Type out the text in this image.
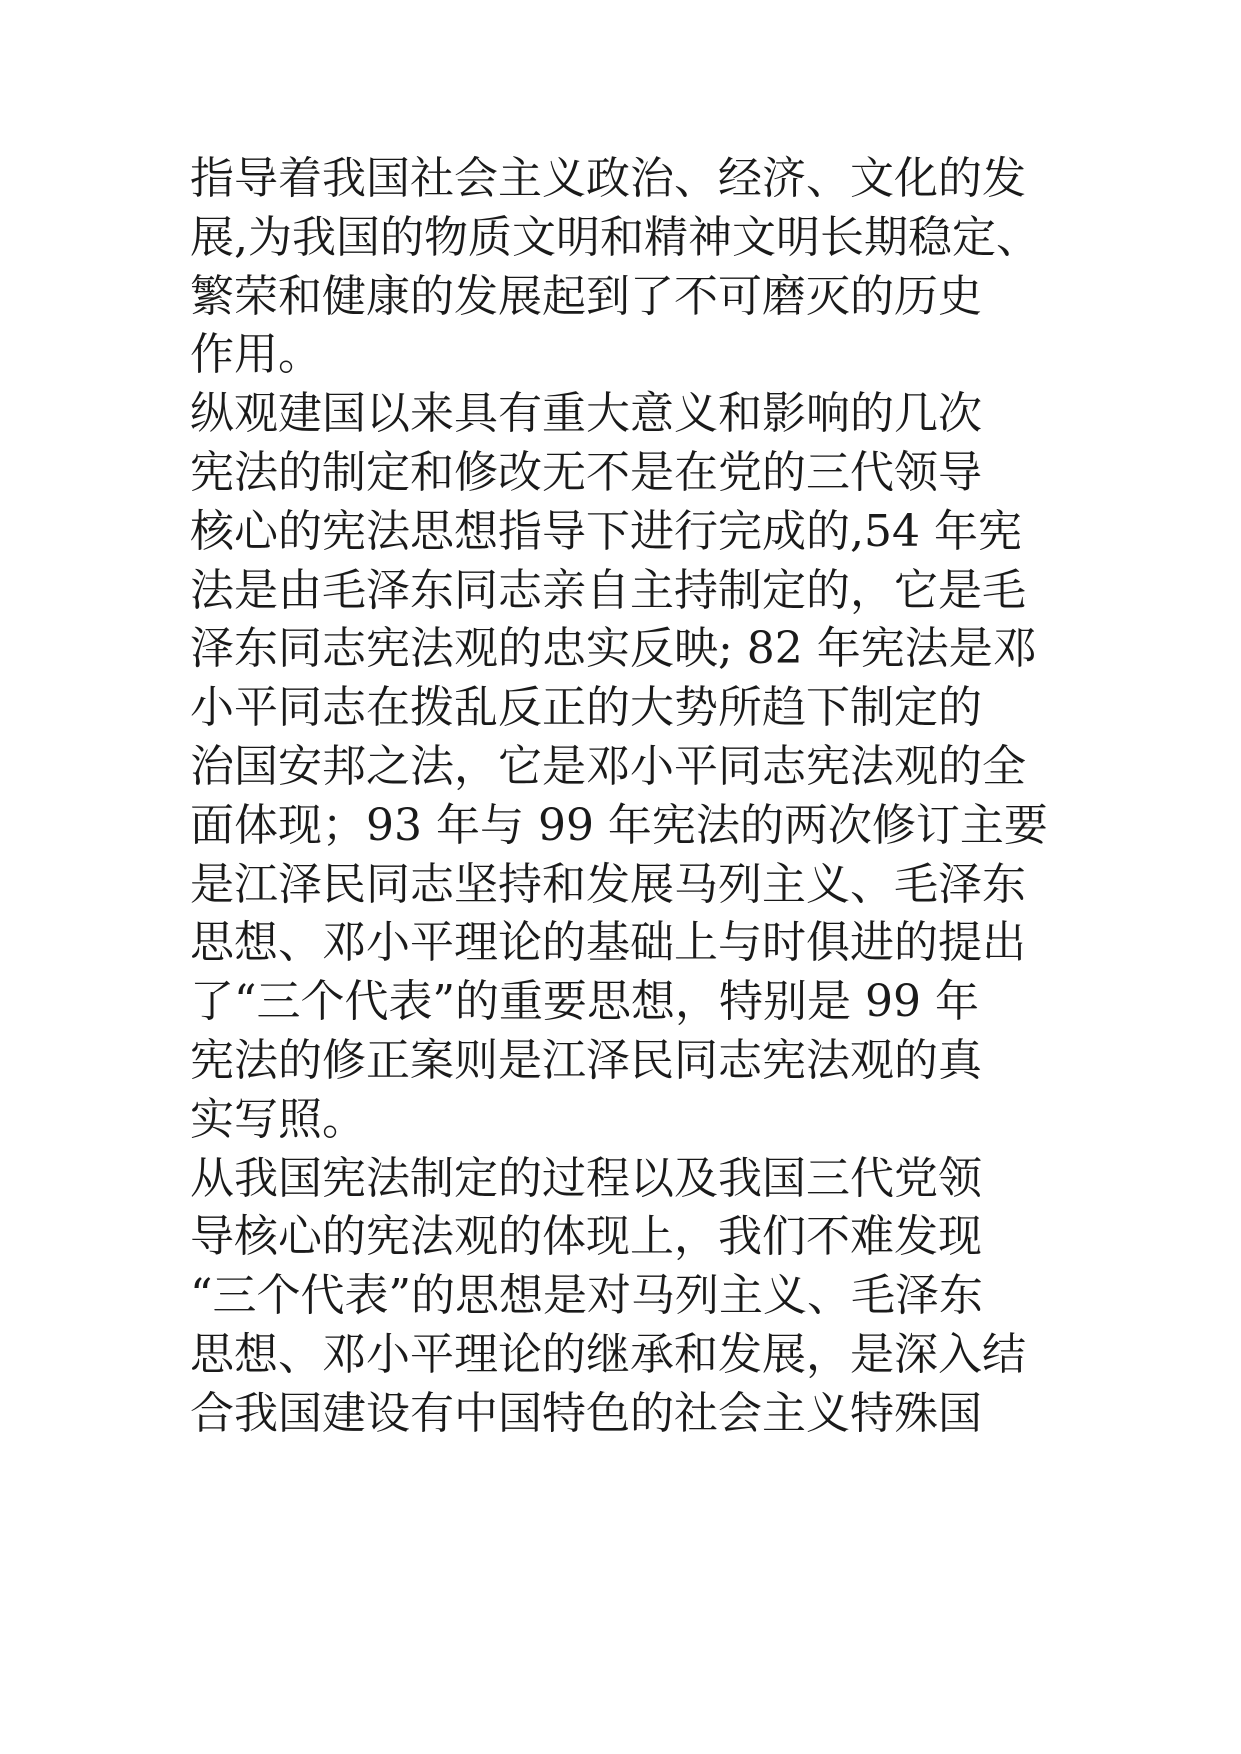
指导着我国社会主义政治、经济、文化的发
展,为我国的物质文明和精神文明长期稳定、
繁荣和健康的发展起到了不可磨灭的历史
作用。
纵观建国以来具有重大意义和影响的几次
宪法的制定和修改无不是在党的三代领导
核心的宪法思想指导下进行完成的,54 年宪
法是由毛泽东同志亲自主持制定的，它是毛
泽东同志宪法观的忠实反映; 82 年宪法是邓
小平同志在拨乱反正的大势所趋下制定的
治国安邦之法，它是邓小平同志宪法观的全
面体现；93 年与 99 年宪法的两次修订主要
是江泽民同志坚持和发展马列主义、毛泽东
思想、邓小平理论的基础上与时俱进的提出
了“三个代表”的重要思想，特别是 99 年
宪法的修正案则是江泽民同志宪法观的真
实写照。
从我国宪法制定的过程以及我国三代党领
导核心的宪法观的体现上，我们不难发现
“三个代表”的思想是对马列主义、毛泽东
思想、邓小平理论的继承和发展，是深入结
合我国建设有中国特色的社会主义特殊国
